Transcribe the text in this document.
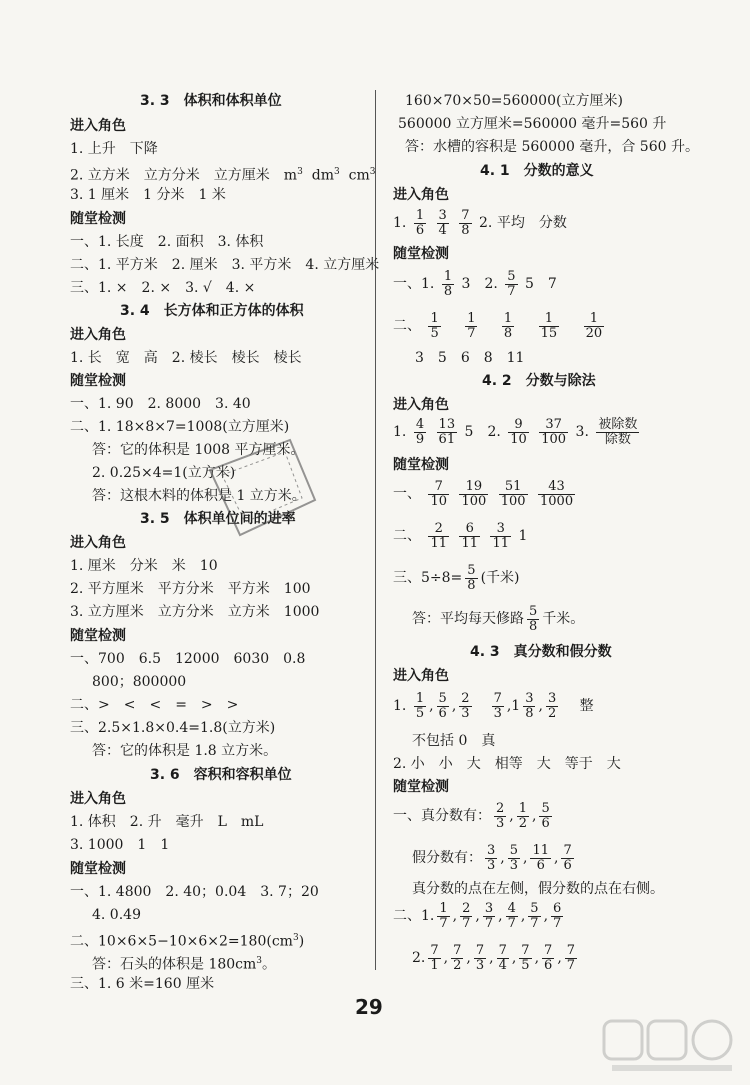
3. 3　体积和体积单位
进入角色
1. 上升　下降
2. 立方米　立方分米　立方厘米　$m^3$ $dm^3$ $cm^3$
3. 1 厘米　1 分米　1 米
随堂检测
一、1. 长度　2. 面积　3. 体积
二、1. 平方米　2. 厘米　3. 平方米　4. 立方厘米
三、1. ×　2. ×　3. √　4. ×
3. 4　长方体和正方体的体积
进入角色
1. 长　宽　高　2. 棱长　棱长　棱长
随堂检测
一、1. 90　2. 8000　3. 40
二、1. 18×8×7=1008(立方厘米)
答：它的体积是 1008 平方厘米。
2. 0.25×4=1(立方米)
答：这根木料的体积是 1 立方米。
3. 5　体积单位间的进率
进入角色
1. 厘米　分米　米　10
2. 平方厘米　平方分米　平方米　100
3. 立方厘米　立方分米　立方米　1000
随堂检测
一、700　6.5　12000　6030　0.8
800；800000
二、>　<　<　=　>　>
三、2.5×1.8×0.4=1.8(立方米)
答：它的体积是 1.8 立方米。
3. 6　容积和容积单位
进入角色
1. 体积　2. 升　毫升　L　mL
3. 1000　1　1
随堂检测
一、1. 4800　2. 40；0.04　3. 7；20
4. 0.49
二、$10\times 6\times 5-10\times 6\times 2=180(cm^3)$
答：石头的体积是 $180cm^3$。
三、1. 6 米=160 厘米
160×70×50=560000(立方厘米)
560000 立方厘米=560000 毫升=560 升
答：水槽的容积是 560000 毫升，合 560 升。
4. 1　分数的意义
进入角色
1. $\frac{1}{6}$
$\frac{3}{4}$
$\frac{7}{8} 2$. 平均　分数
随堂检测
一、1. $\frac{1}{8} 3$　2. $\frac{5}{7} 5$　7
二、 $\frac{1}{5}$
$\frac{1}{7}$
$\frac{1}{8}$
$\frac{1}{15}$
$\frac{1}{20}$
3　5　6　8　11
4. 2　分数与除法
进入角色
1. $\frac{4}{9}$
$\frac{13}{61} 5$　2. $\frac{9}{10}$
$\frac{37}{100} 3$. $\frac{\text{被除数}}{\text{除数}}$
随堂检测
一、 $\frac{7}{10}$
$\frac{19}{100}$
$\frac{51}{100}$
$\frac{43}{1000}$
二、 $\frac{2}{11}$
$\frac{6}{11}$
$\frac{3}{11} 1$
三、$5\div 8= \frac{5}{8}$ (千米)
答：平均每天修路 $\frac{5}{8}$ 千米。
4. 3　真分数和假分数
进入角色
1. $\frac{1}{5}$ , $\frac{5}{6}$ , $\frac{2}{3} \frac{7}{3} ,1 \frac{3}{8}$ , $\frac{3}{2}$ 整
不包括 0　真
2. 小　小　大　相等　大　等于　大
随堂检测
一、真分数有： $\frac{2}{3}$ , $\frac{1}{2}$ , $\frac{5}{6}$
假分数有： $\frac{3}{3}$ , $\frac{5}{3}$ , $\frac{11}{6}$ , $\frac{7}{6}$
真分数的点在左侧，假分数的点在右侧。
二、1. $\frac{1}{7}$ , $\frac{2}{7}$ , $\frac{3}{7}$ , $\frac{4}{7}$ , $\frac{5}{7}$ , $\frac{6}{7}$
2. $\frac{7}{1}$ , $\frac{7}{2}$ , $\frac{7}{3}$ , $\frac{7}{4}$ , $\frac{7}{5}$ , $\frac{7}{6}$ , $\frac{7}{7}$
29
